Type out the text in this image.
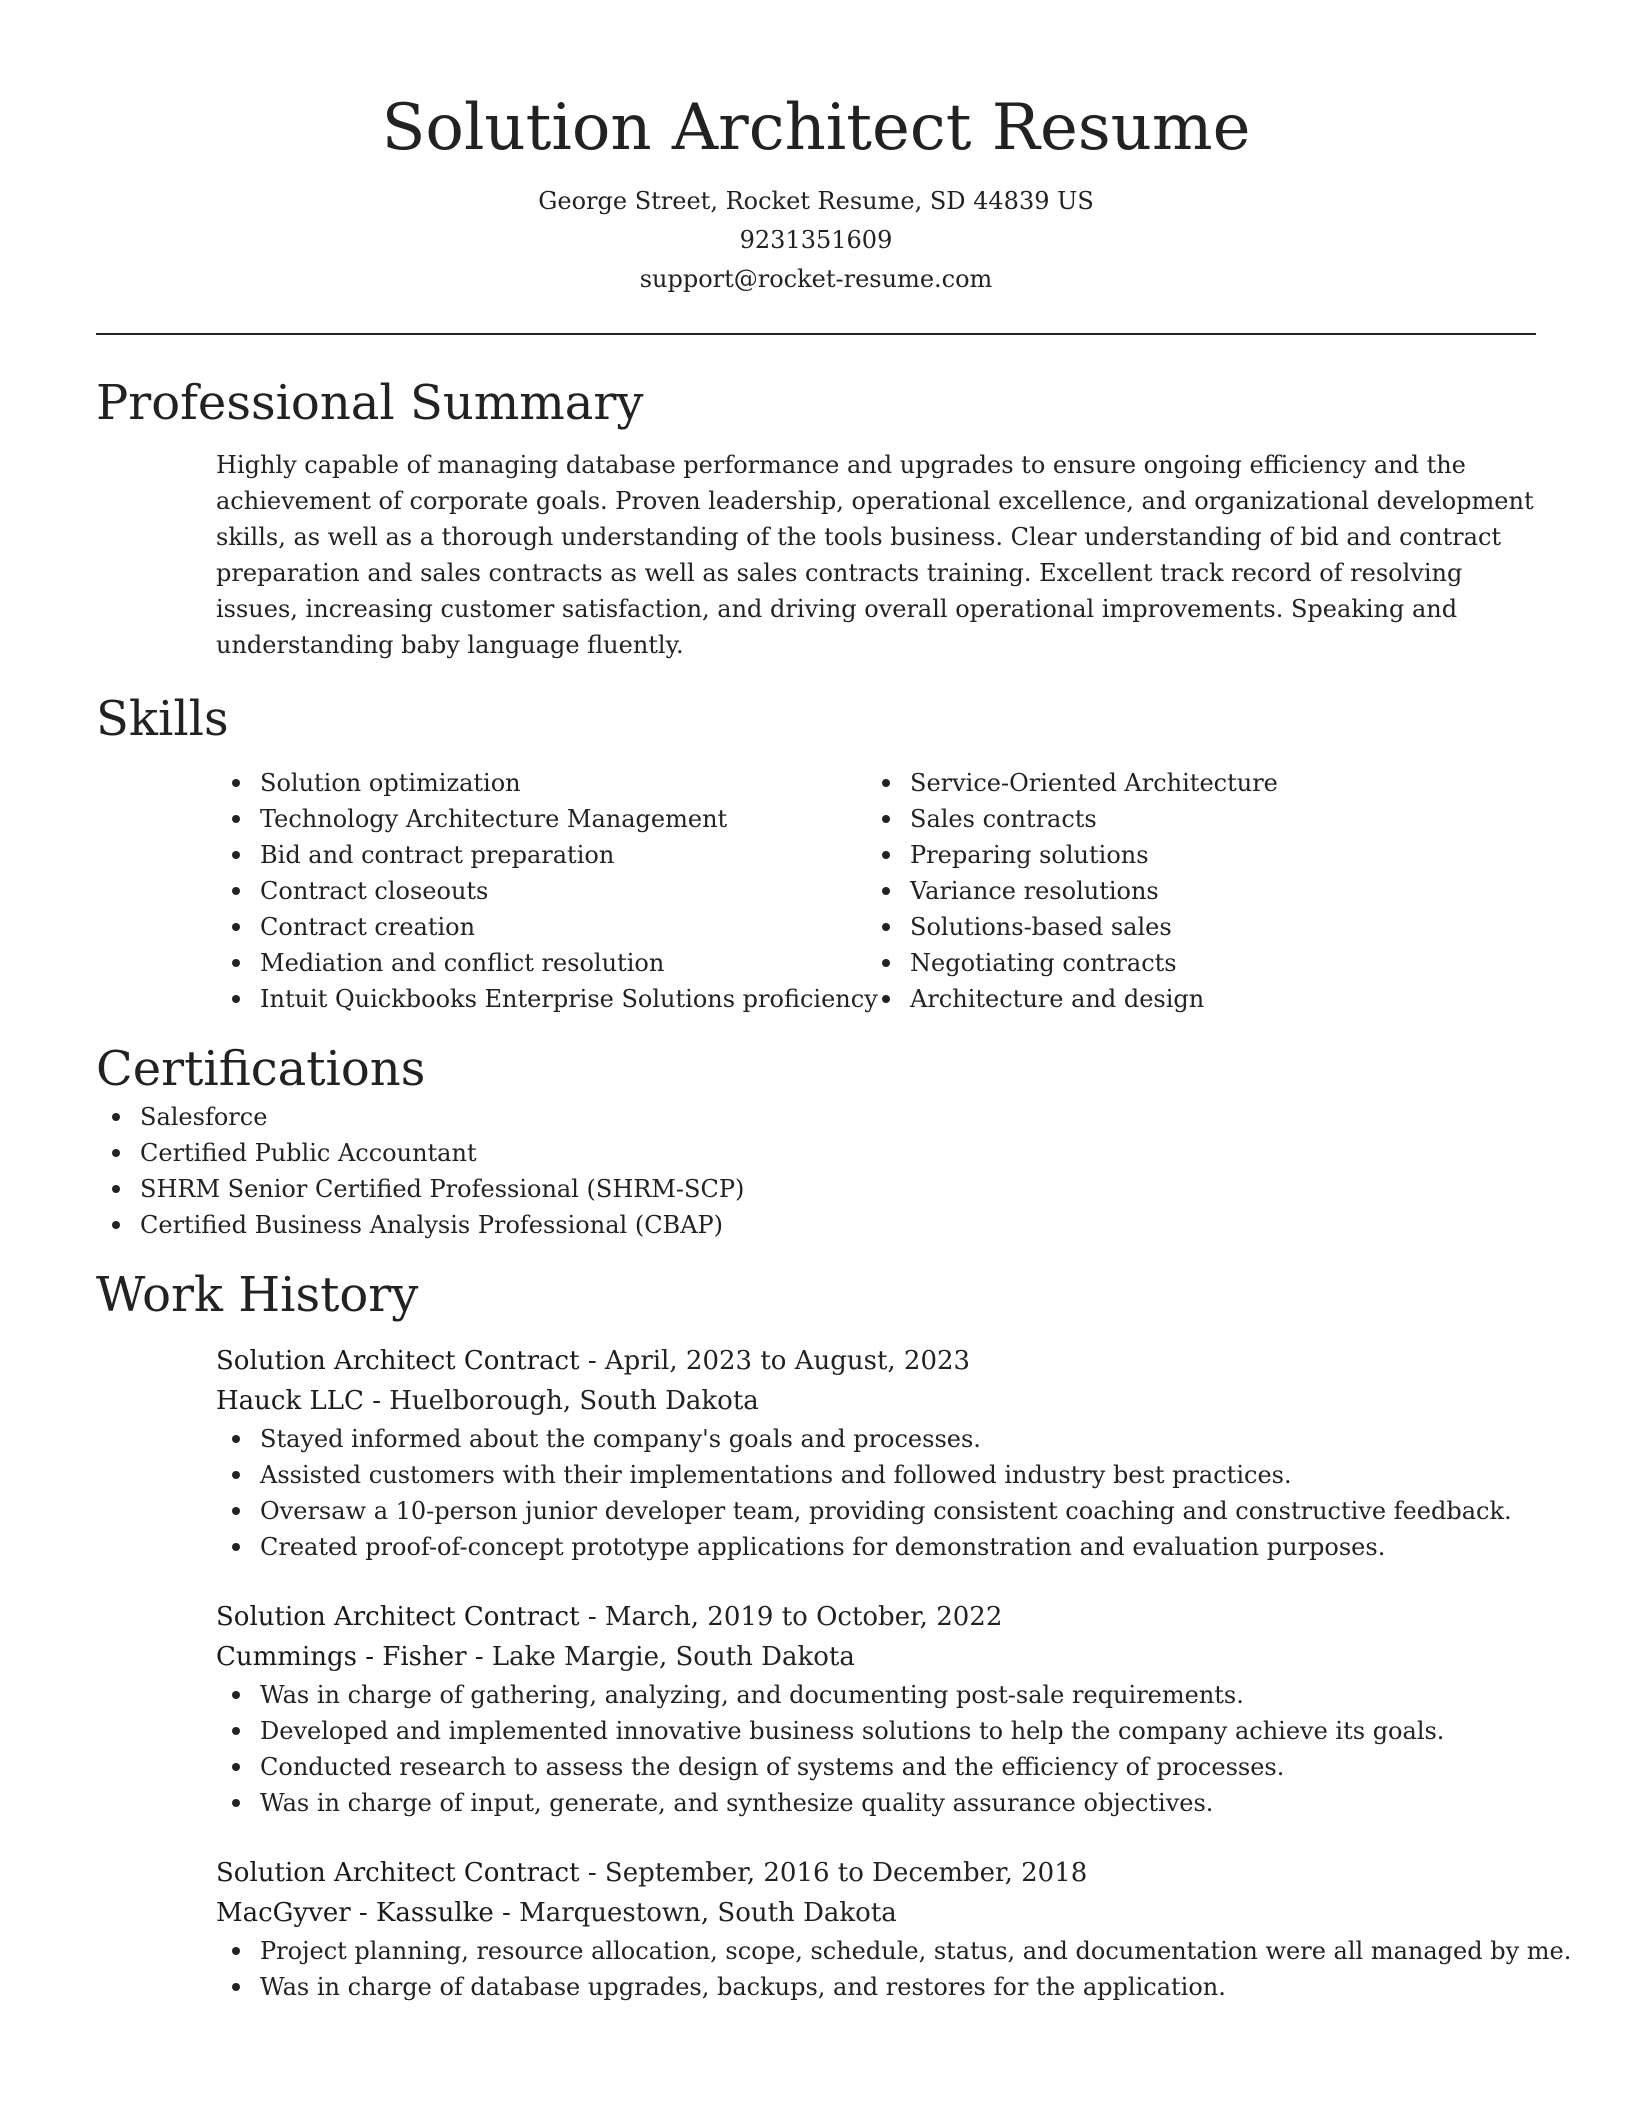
Solution Architect Resume
George Street, Rocket Resume, SD 44839 US
9231351609
support@rocket-resume.com
Professional Summary

Highly capable of managing database performance and upgrades to ensure ongoing efficiency and the achievement of corporate goals. Proven leadership, operational excellence, and organizational development skills, as well as a thorough understanding of the tools business. Clear understanding of bid and contract preparation and sales contracts as well as sales contracts training. Excellent track record of resolving issues, increasing customer satisfaction, and driving overall operational improvements. Speaking and understanding baby language fluently.

Skills
Solution optimization
Technology Architecture Management
Bid and contract preparation
Contract closeouts
Contract creation
Mediation and conflict resolution
Intuit Quickbooks Enterprise Solutions proficiency
Service-Oriented Architecture
Sales contracts
Preparing solutions
Variance resolutions
Solutions-based sales
Negotiating contracts
Architecture and design
Certifications
Salesforce
Certified Public Accountant
SHRM Senior Certified Professional (SHRM-SCP)
Certified Business Analysis Professional (CBAP)
Work History
Solution Architect Contract - April, 2023 to August, 2023
Hauck LLC - Huelborough, South Dakota
Stayed informed about the company's goals and processes.
Assisted customers with their implementations and followed industry best practices.
Oversaw a 10-person junior developer team, providing consistent coaching and constructive feedback.
Created proof-of-concept prototype applications for demonstration and evaluation purposes.
Solution Architect Contract - March, 2019 to October, 2022
Cummings - Fisher - Lake Margie, South Dakota
Was in charge of gathering, analyzing, and documenting post-sale requirements.
Developed and implemented innovative business solutions to help the company achieve its goals.
Conducted research to assess the design of systems and the efficiency of processes.
Was in charge of input, generate, and synthesize quality assurance objectives.
Solution Architect Contract - September, 2016 to December, 2018
MacGyver - Kassulke - Marquestown, South Dakota
Project planning, resource allocation, scope, schedule, status, and documentation were all managed by me.
Was in charge of database upgrades, backups, and restores for the application.
